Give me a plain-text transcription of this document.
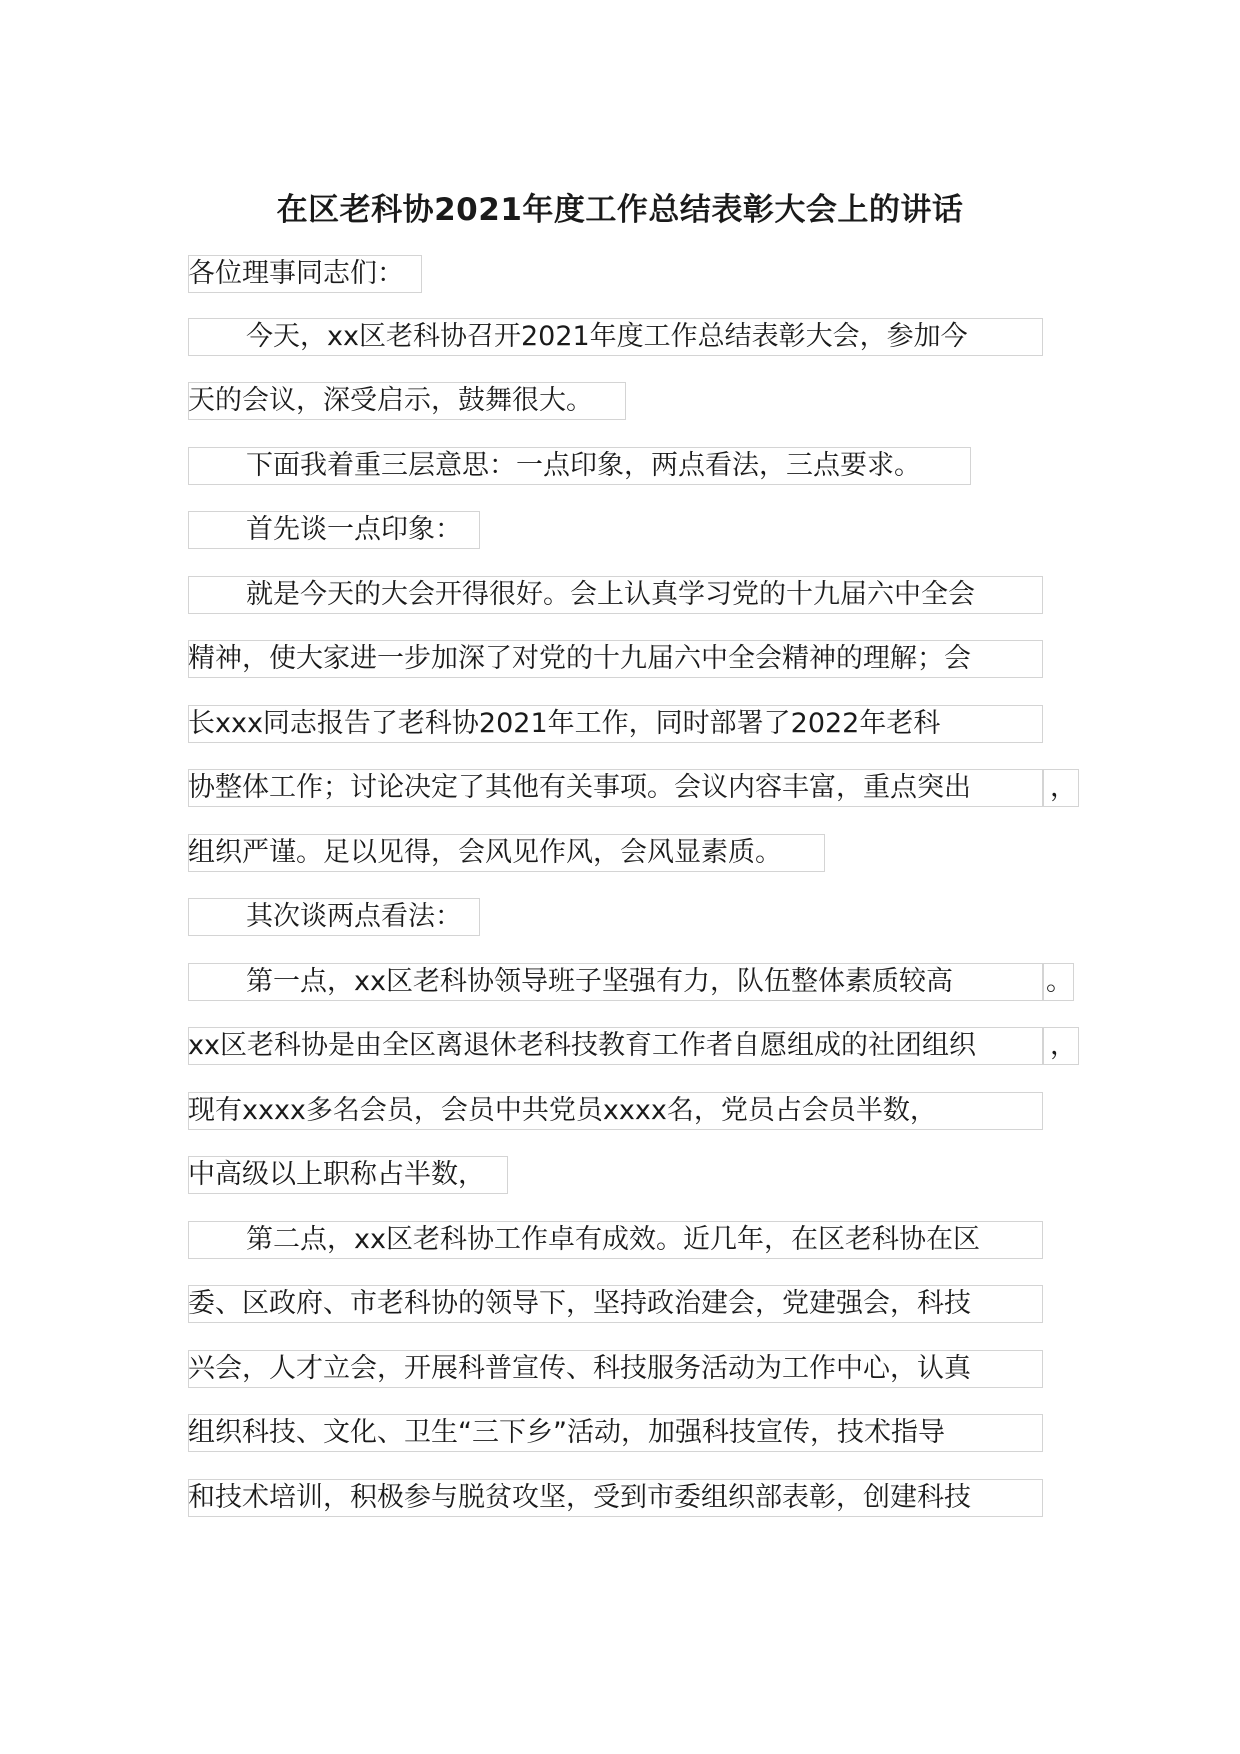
在区老科协2021年度工作总结表彰大会上的讲话
各位理事同志们：
今天，xx区老科协召开2021年度工作总结表彰大会，参加今
天的会议，深受启示，鼓舞很大。
下面我着重三层意思：一点印象，两点看法，三点要求。
首先谈一点印象：
就是今天的大会开得很好。会上认真学习党的十九届六中全会
精神，使大家进一步加深了对党的十九届六中全会精神的理解；会
长xxx同志报告了老科协2021年工作，同时部署了2022年老科
协整体工作；讨论决定了其他有关事项。会议内容丰富，重点突出	，
组织严谨。足以见得，会风见作风，会风显素质。
其次谈两点看法：
第一点，xx区老科协领导班子坚强有力，队伍整体素质较高	。
xx区老科协是由全区离退休老科技教育工作者自愿组成的社团组织	，
现有xxxx多名会员，会员中共党员xxxx名，党员占会员半数，
中高级以上职称占半数，
第二点，xx区老科协工作卓有成效。近几年，在区老科协在区
委、区政府、市老科协的领导下，坚持政治建会，党建强会，科技
兴会，人才立会，开展科普宣传、科技服务活动为工作中心，认真
组织科技、文化、卫生“三下乡”活动，加强科技宣传，技术指导
和技术培训，积极参与脱贫攻坚，受到市委组织部表彰，创建科技
